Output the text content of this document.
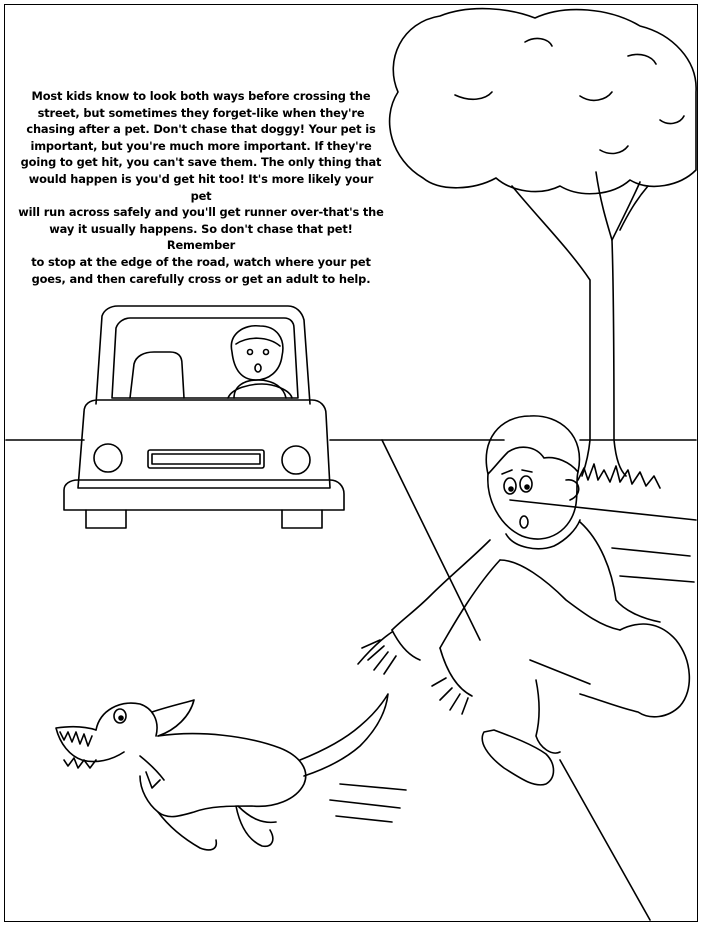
Most kids know to look both ways before crossing the
street, but sometimes they forget-like when they're
chasing after a pet. Don't chase that doggy! Your pet is
important, but you're much more important. If they're
going to get hit, you can't save them. The only thing that
would happen is you'd get hit too! It's more likely your pet
will run across safely and you'll get runner over-that's the
way it usually happens. So don't chase that pet! Remember
to stop at the edge of the road, watch where your pet
goes, and then carefully cross or get an adult to help.
